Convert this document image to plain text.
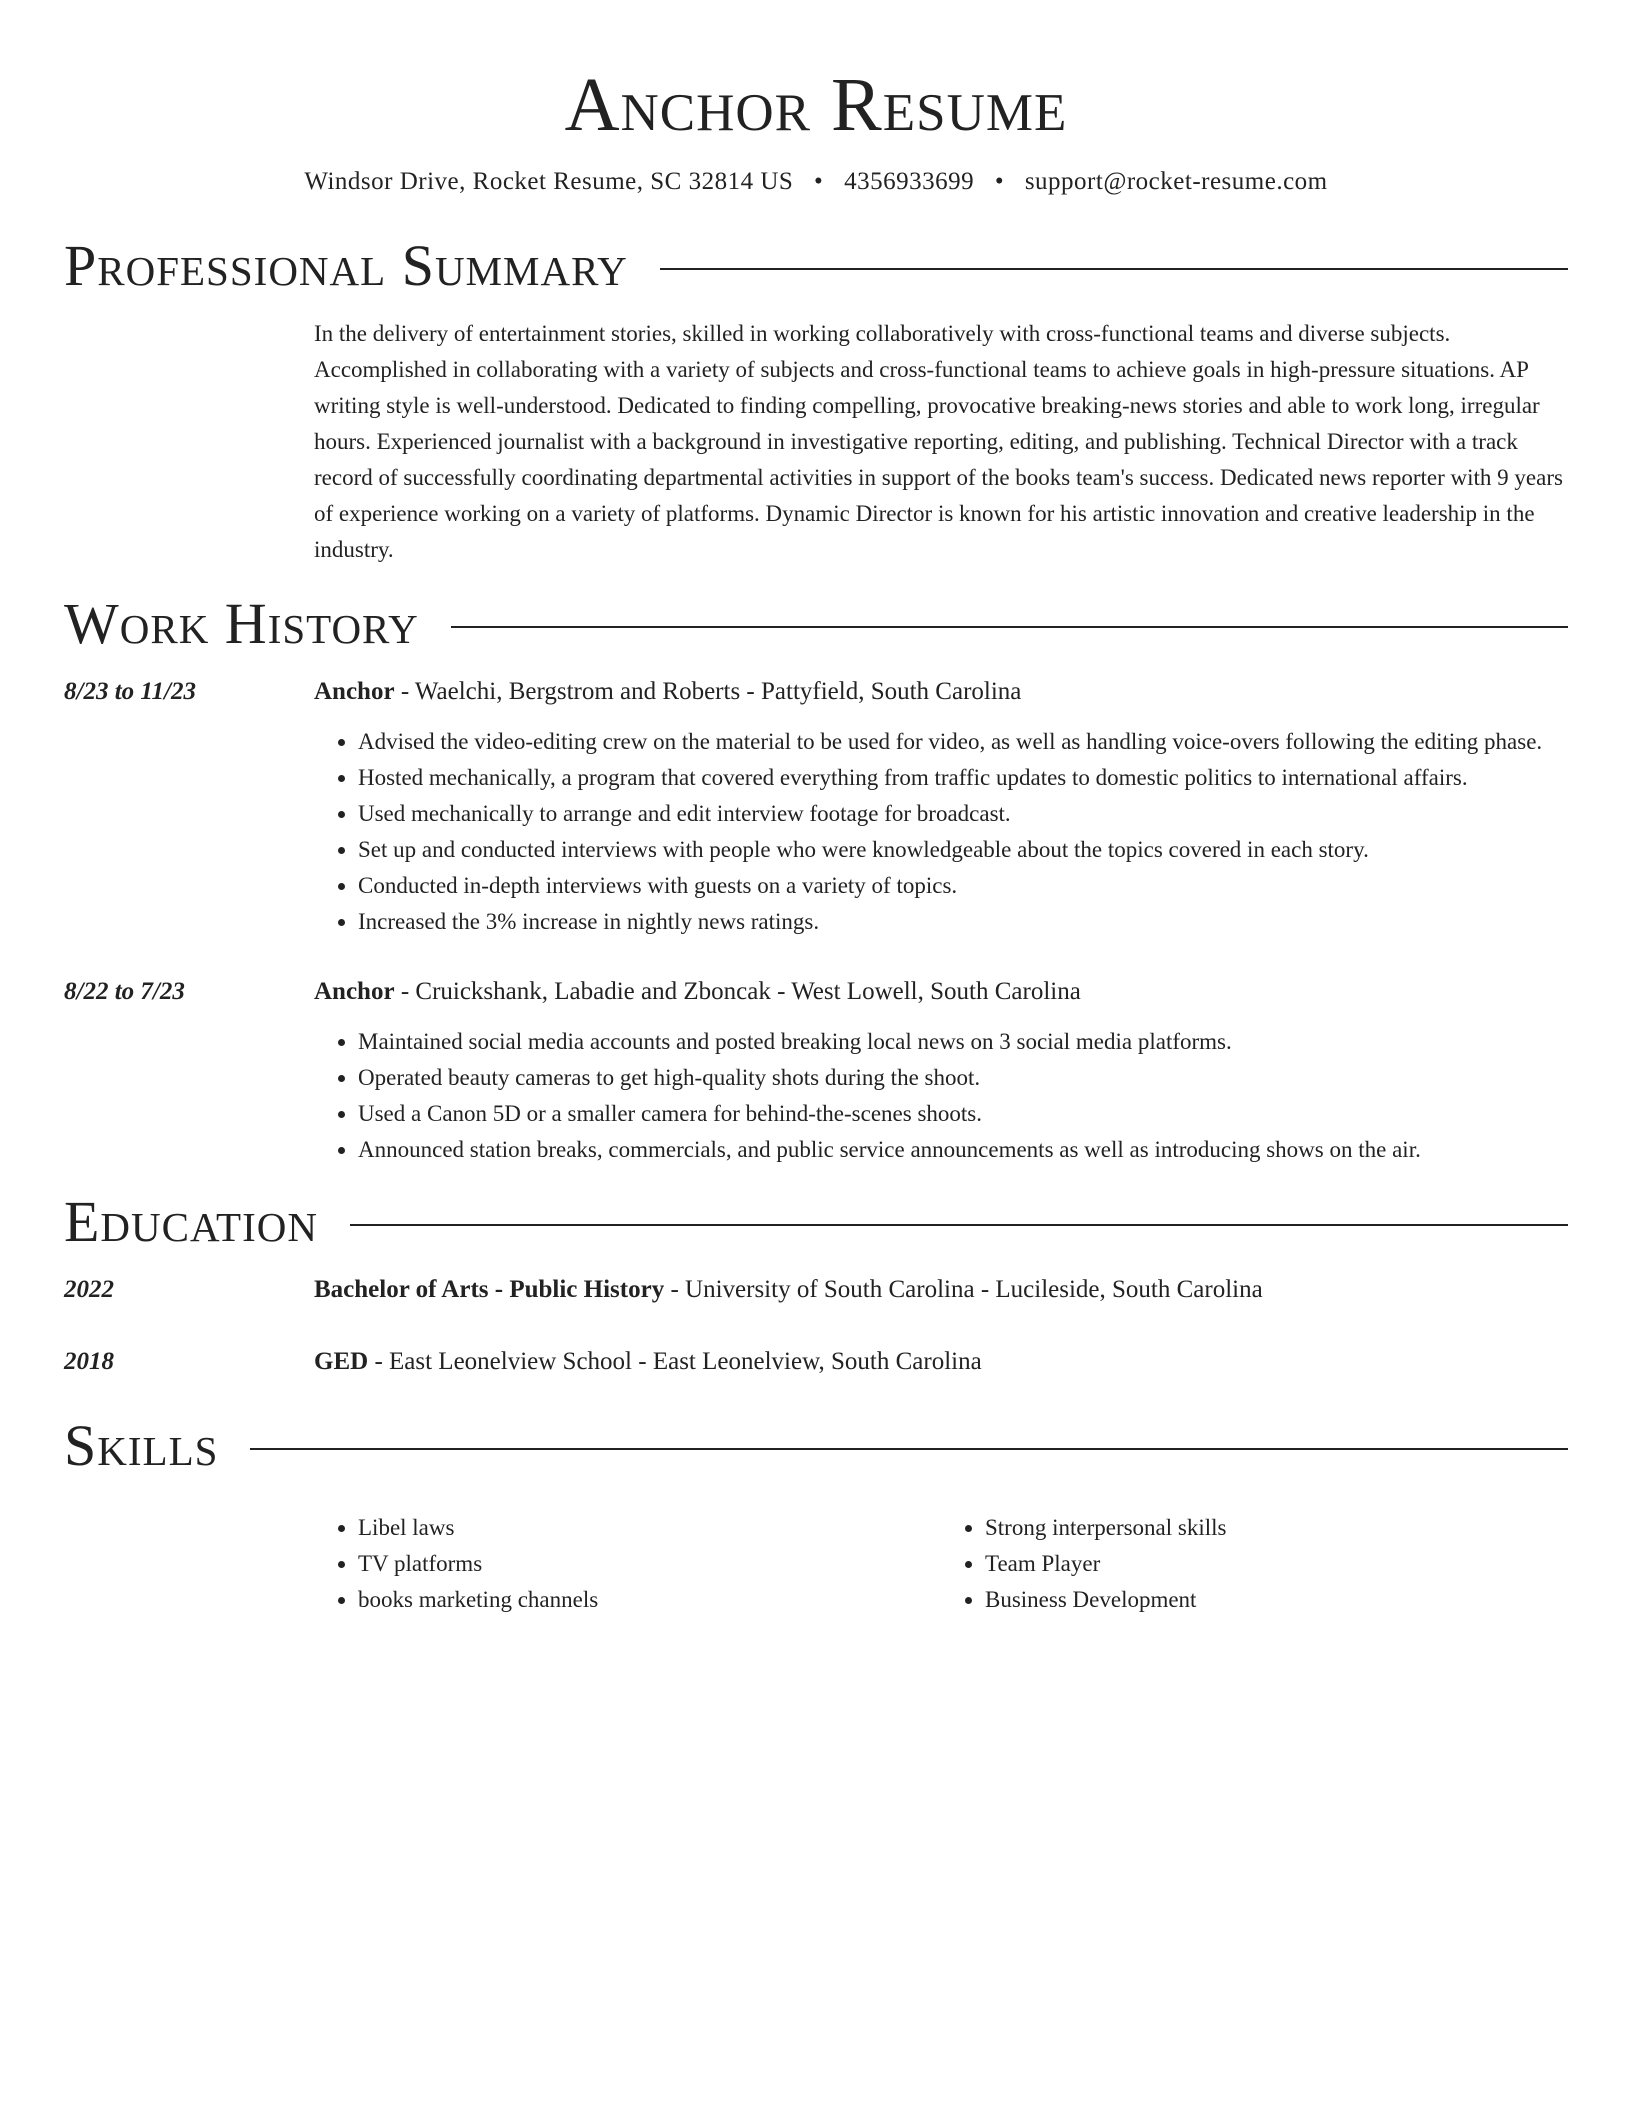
Anchor Resume
Windsor Drive, Rocket Resume, SC 32814 US • 4356933699 • support@rocket-resume.com
Professional Summary
In the delivery of entertainment stories, skilled in working collaboratively with cross-functional teams and diverse subjects. Accomplished in collaborating with a variety of subjects and cross-functional teams to achieve goals in high-pressure situations. AP writing style is well-understood. Dedicated to finding compelling, provocative breaking-news stories and able to work long, irregular hours. Experienced journalist with a background in investigative reporting, editing, and publishing. Technical Director with a track record of successfully coordinating departmental activities in support of the books team's success. Dedicated news reporter with 9 years of experience working on a variety of platforms. Dynamic Director is known for his artistic innovation and creative leadership in the industry.
Work History
8/23 to 11/23	Anchor - Waelchi, Bergstrom and Roberts - Pattyfield, South Carolina
• Advised the video-editing crew on the material to be used for video, as well as handling voice-overs following the editing phase.
• Hosted mechanically, a program that covered everything from traffic updates to domestic politics to international affairs.
• Used mechanically to arrange and edit interview footage for broadcast.
• Set up and conducted interviews with people who were knowledgeable about the topics covered in each story.
• Conducted in-depth interviews with guests on a variety of topics.
• Increased the 3% increase in nightly news ratings.
8/22 to 7/23	Anchor - Cruickshank, Labadie and Zboncak - West Lowell, South Carolina
• Maintained social media accounts and posted breaking local news on 3 social media platforms.
• Operated beauty cameras to get high-quality shots during the shoot.
• Used a Canon 5D or a smaller camera for behind-the-scenes shoots.
• Announced station breaks, commercials, and public service announcements as well as introducing shows on the air.
Education
2022	Bachelor of Arts - Public History - University of South Carolina - Lucileside, South Carolina
2018	GED - East Leonelview School - East Leonelview, South Carolina
Skills
• Libel laws
• TV platforms
• books marketing channels
• Strong interpersonal skills
• Team Player
• Business Development
